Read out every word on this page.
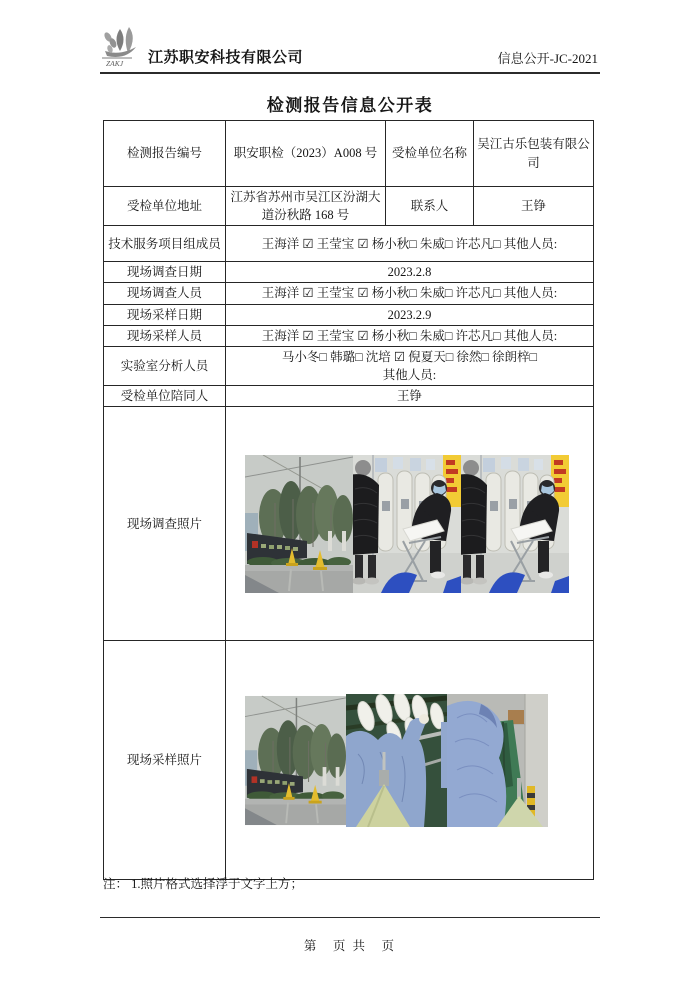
ZAKJ 江苏职安科技有限公司	信息公开-JC-2021
检测报告信息公开表
检测报告编号	职安职检（2023）A008 号	受检单位名称	吴江古乐包装有限公司
受检单位地址	江苏省苏州市吴江区汾湖大道汾秋路 168 号	联系人	王铮
技术服务项目组成员	王海洋 ☑ 王莹宝 ☑ 杨小秋□ 朱威□ 许芯凡□ 其他人员:		
现场调查日期	2023.2.8		
现场调查人员	王海洋 ☑ 王莹宝 ☑ 杨小秋□ 朱威□ 许芯凡□ 其他人员:		
现场采样日期	2023.2.9		
现场采样人员	王海洋 ☑ 王莹宝 ☑ 杨小秋□ 朱威□ 许芯凡□ 其他人员:		
实验室分析人员	马小冬□ 韩璐□ 沈培 ☑ 倪夏天□ 徐然□ 徐朗梓□
其他人员:		

受检单位陪同人	王铮		
现场调查照片	

现场采样照片	
注： 1.照片格式选择浮于文字上方；
第　页 共　页
